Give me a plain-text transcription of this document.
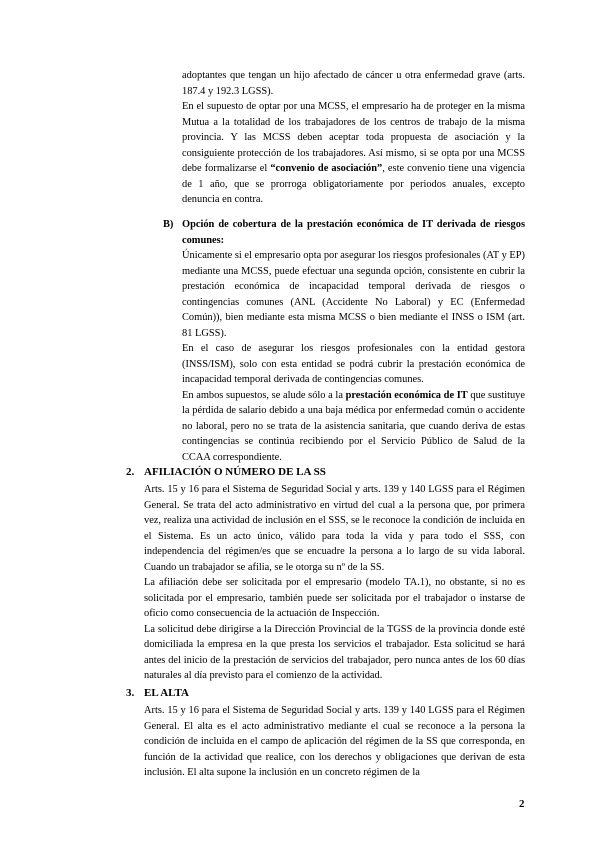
adoptantes que tengan un hijo afectado de cáncer u otra enfermedad grave (arts. 187.4 y 192.3 LGSS).

En el supuesto de optar por una MCSS, el empresario ha de proteger en la misma Mutua a la totalidad de los trabajadores de los centros de trabajo de la misma provincia. Y las MCSS deben aceptar toda propuesta de asociación y la consiguiente protección de los trabajadores. Así mismo, si se opta por una MCSS debe formalizarse el “convenio de asociación”, este convenio tiene una vigencia de 1 año, que se prorroga obligatoriamente por periodos anuales, excepto denuncia en contra.

B) Opción de cobertura de la prestación económica de IT derivada de riesgos comunes:

Únicamente si el empresario opta por asegurar los riesgos profesionales (AT y EP) mediante una MCSS, puede efectuar una segunda opción, consistente en cubrir la prestación económica de incapacidad temporal derivada de riesgos o contingencias comunes (ANL (Accidente No Laboral) y EC (Enfermedad Común)), bien mediante esta misma MCSS o bien mediante el INSS o ISM (art. 81 LGSS).

En el caso de asegurar los riesgos profesionales con la entidad gestora (INSS/ISM), solo con esta entidad se podrá cubrir la prestación económica de incapacidad temporal derivada de contingencias comunes.

En ambos supuestos, se alude sólo a la prestación económica de IT que sustituye la pérdida de salario debido a una baja médica por enfermedad común o accidente no laboral, pero no se trata de la asistencia sanitaria, que cuando deriva de estas contingencias se continúa recibiendo por el Servicio Público de Salud de la CCAA correspondiente.

2. AFILIACIÓN O NÚMERO DE LA SS

Arts. 15 y 16 para el Sistema de Seguridad Social y arts. 139 y 140 LGSS para el Régimen General. Se trata del acto administrativo en virtud del cual a la persona que, por primera vez, realiza una actividad de inclusión en el SSS, se le reconoce la condición de incluida en el Sistema. Es un acto único, válido para toda la vida y para todo el SSS, con independencia del régimen/es que se encuadre la persona a lo largo de su vida laboral. Cuando un trabajador se afilia, se le otorga su nº de la SS.

La afiliación debe ser solicitada por el empresario (modelo TA.1), no obstante, si no es solicitada por el empresario, también puede ser solicitada por el trabajador o instarse de oficio como consecuencia de la actuación de Inspección.

La solicitud debe dirigirse a la Dirección Provincial de la TGSS de la provincia donde esté domiciliada la empresa en la que presta los servicios el trabajador. Esta solicitud se hará antes del inicio de la prestación de servicios del trabajador, pero nunca antes de los 60 días naturales al día previsto para el comienzo de la actividad.

3. EL ALTA

Arts. 15 y 16 para el Sistema de Seguridad Social y arts. 139 y 140 LGSS para el Régimen General. El alta es el acto administrativo mediante el cual se reconoce a la persona la condición de incluida en el campo de aplicación del régimen de la SS que corresponda, en función de la actividad que realice, con los derechos y obligaciones que derivan de esta inclusión. El alta supone la inclusión en un concreto régimen de la

2
